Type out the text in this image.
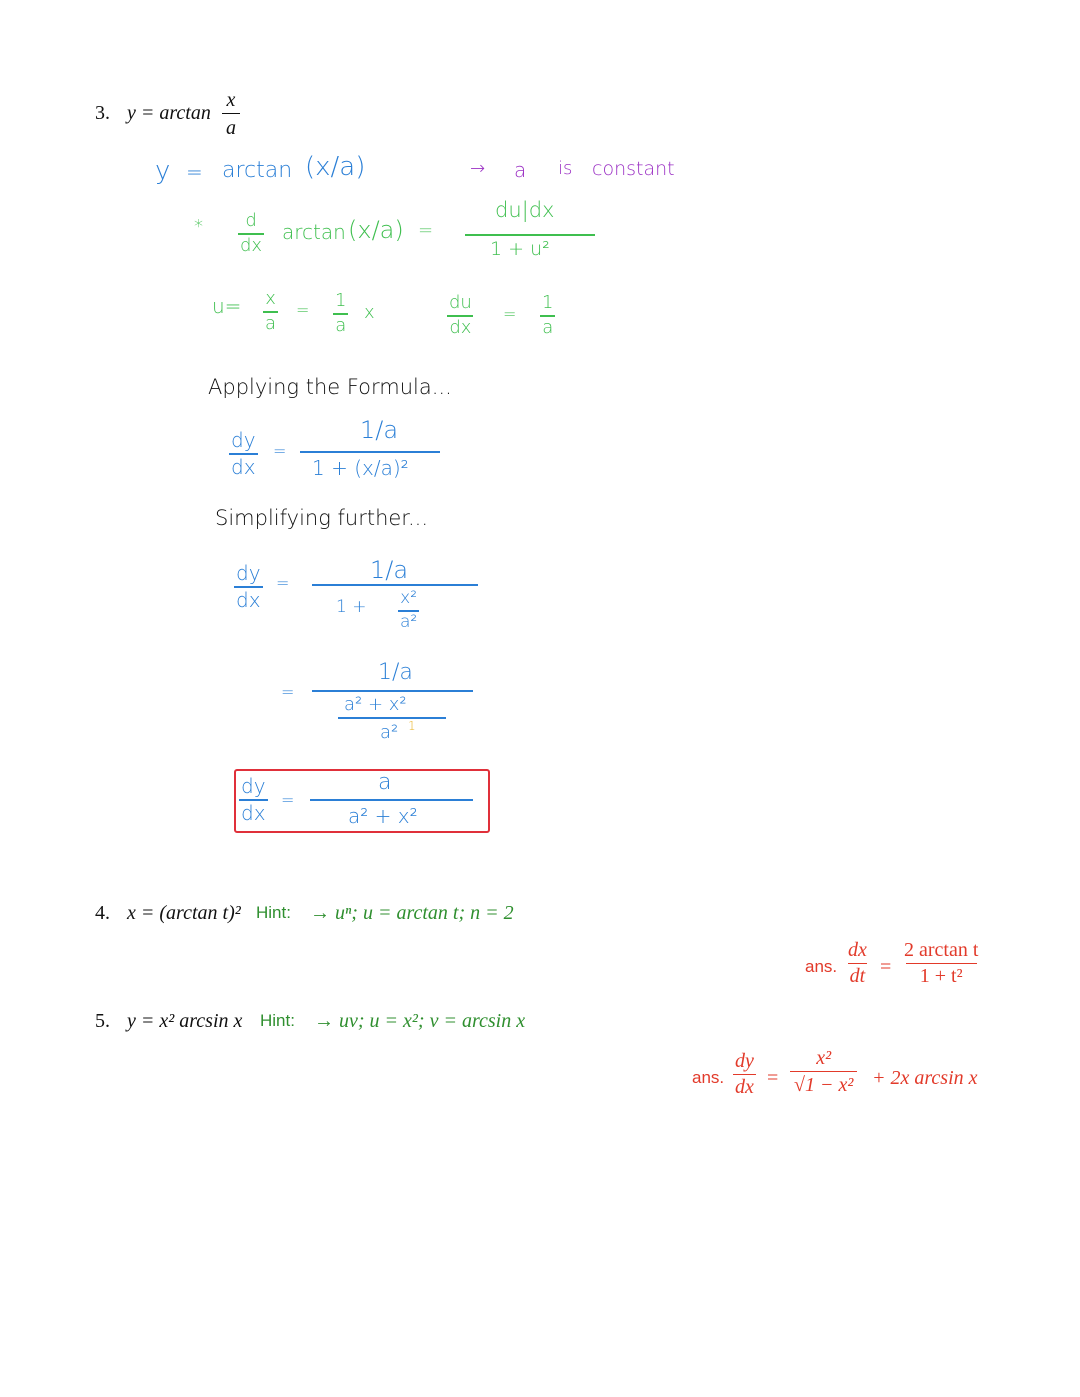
3. $y = \arctan \frac{x}{a}$
y = arctan (x/a)	→ a is constant
* $\frac{d}{dx}$ arctan (x/a) =
du|dx
1 + u²
$u= \frac{x}{a} = \frac{1}{a}$ x	$\frac{du}{dx} = \frac{1}{a}$
Applying the Formula...
$\frac{dy}{dx}$ =
1/a
1 + (x/a)²
Simplifying further...
$\frac{dy}{dx}$ =	1/a
$1 + \frac{\text{x²}}{\text{a²}}$
=
1/a
a² + x²
a² 1
$\frac{dy}{dx}$ =
a
a² + x²
4. x = (arctan t)² Hint: → uⁿ; u = arctan t; n = 2
ans. $\frac{dx}{dt} = \frac{\text{2 arctan t}}{\text{1 + t²}}$
5. y = x² arcsin x Hint: → uv; u = x²; v = arcsin x
ans. $\frac{dy}{dx} = \frac{\text{x²}}{\text{√1 − x²}} + 2x$ arcsin x
